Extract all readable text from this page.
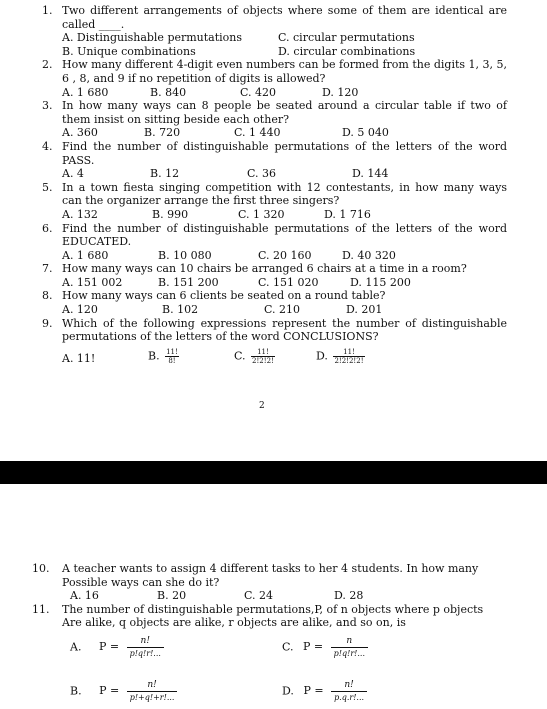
1. Two different arrangements of objects where some of them are identical are called ____.
A. Distinguishable permutations	C. circular permutations
B. Unique combinations	D. circular combinations
2. How many different 4-digit even numbers can be formed from the digits 1, 3, 5, 6 , 8, and 9 if no repetition of digits is allowed?
A. 1 680	B. 840	C. 420	D. 120
3. In how many ways can 8 people be seated around a circular table if two of them insist on sitting beside each other?
A. 360	B. 720	C. 1 440	D. 5 040
4. Find the number of distinguishable permutations of the letters of the word PASS.
A. 4	B. 12	C. 36	D. 144
5. In a town fiesta singing competition with 12 contestants, in how many ways can the organizer arrange the first three singers?
A. 132	B. 990	C. 1 320	D. 1 716
6. Find the number of distinguishable permutations of the letters of the word EDUCATED.
A. 1 680	B. 10 080	C. 20 160	D. 40 320
7. How many ways can 10 chairs be arranged 6 chairs at a time in a room?
A. 151 002	B. 151 200	C. 151 020	D. 115 200
8. How many ways can 6 clients be seated on a round table?
A. 120	B. 102	C. 210	D. 201
9. Which of the following expressions represent the number of distinguishable permutations of the letters of the word CONCLUSIONS?
A. 11!	B. $\frac{11!}{8!}$	C. $\frac{11!}{2!2!2!}$	D. $\frac{11!}{2!2!2!2!}$
2
10. A teacher wants to assign 4 different tasks to her 4 students. In how many Possible ways can she do it?
A. 16	B. 20	C. 24	D. 28
11. The number of distinguishable permutations,P, of n objects where p objects Are alike, q objects are alike, r objects are alike, and so on, is
A. $P = \frac{n!}{p!q!r!...}$	C. $P = \frac{n}{p!q!r!...}$
B. $P = \frac{n!}{p!+q!+r!...}$	D. $P = \frac{n!}{p.q.r!...}$
